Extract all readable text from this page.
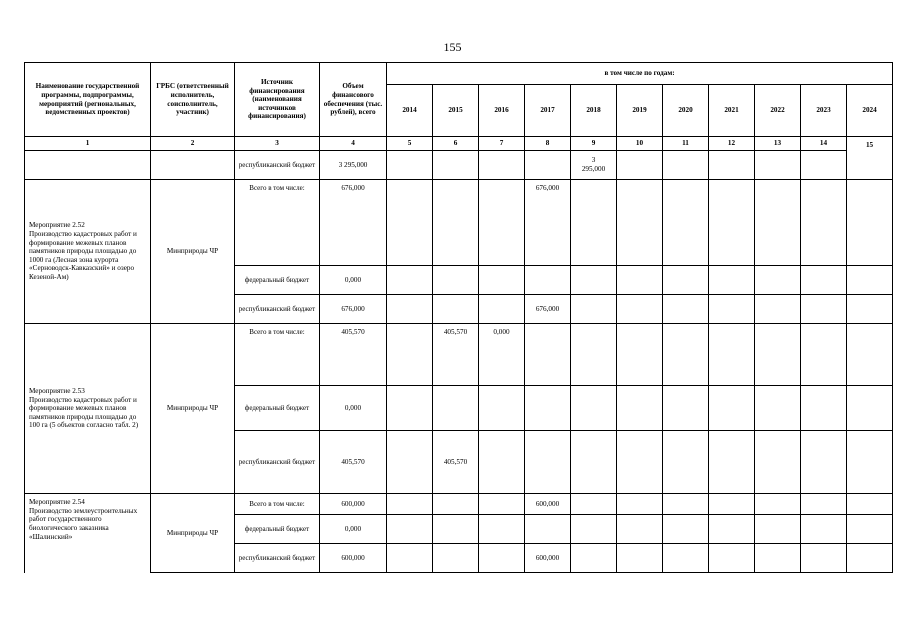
155
Наименование государственной программы, подпрограммы, мероприятий (региональных, ведомственных проектов)	ГРБС (ответственный исполнитель, соисполнитель, участник)	Источник финансирования (наименования источников финансирования)	Объем финансового обеспечения (тыс. рублей), всего	в том числе по годам:										
				2014	2015	2016	2017	2018	2019	2020	2021	2022	2023	2024
1	2	3	4	5	6	7	8	9	10	11	12	13	14	15
		республиканский бюджет	3 295,000					3
295,000						
Мероприятие 2.52
Производство кадастровых работ и формирование межевых планов памятников природы площадью до 1000 га (Лесная зона курорта «Серноводск-Кавказский» и озеро Кезеной-Ам)	Минприроды ЧР	Всего в том числе:	676,000				676,000							
		федеральный бюджет	0,000											
		республиканский бюджет	676,000				676,000							
Мероприятие 2.53
Производство кадастровых работ и формирование межевых планов памятников природы площадью до 100 га (5 объектов согласно табл. 2)	Минприроды ЧР	Всего в том числе:	405,570		405,570	0,000								
		федеральный бюджет	0,000											
		республиканский бюджет	405,570		405,570									
Мероприятие 2.54
Производство землеустроительных работ государственного биологического заказника «Шалинский»	Минприроды ЧР	Всего в том числе:	600,000				600,000							
		федеральный бюджет	0,000											
		республиканский бюджет	600,000				600,000							
